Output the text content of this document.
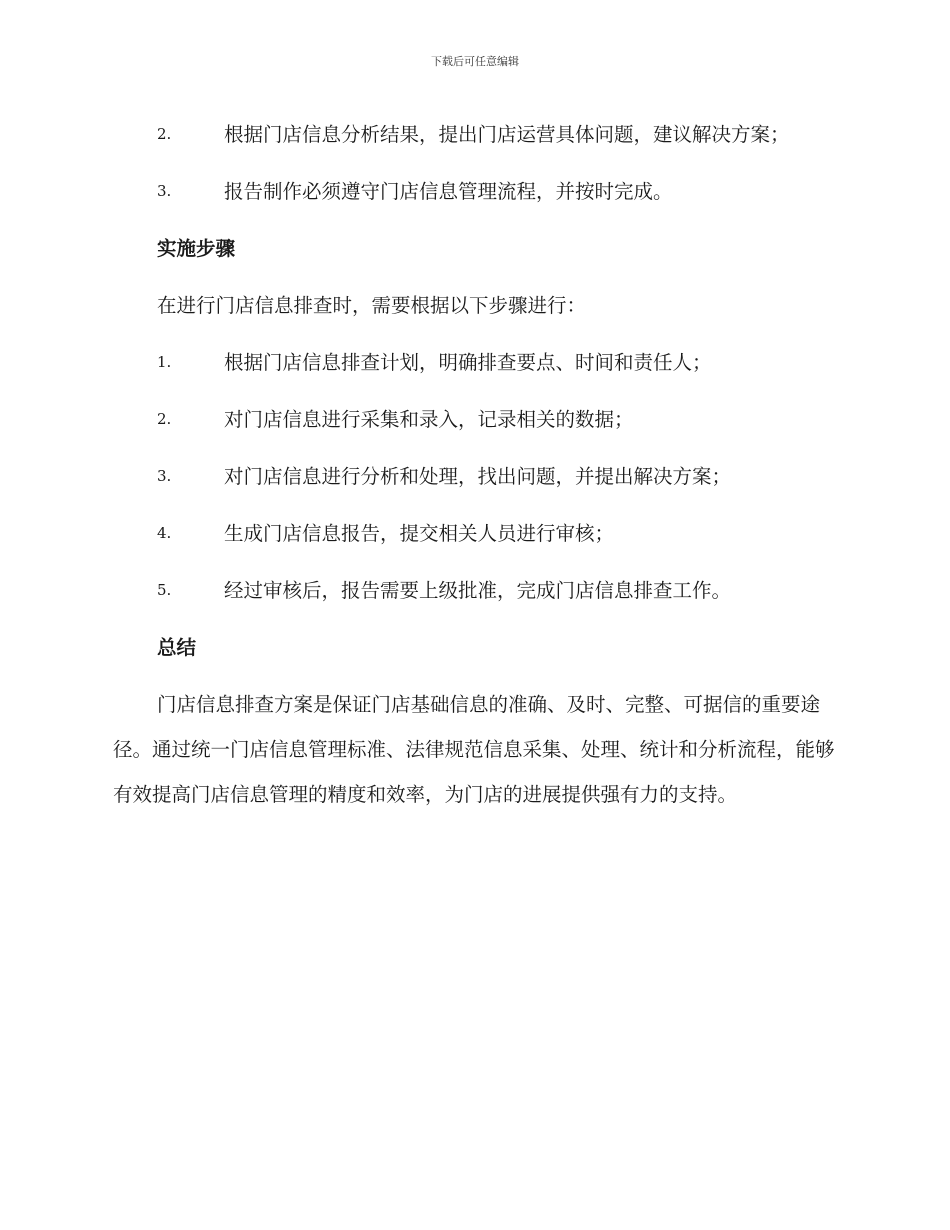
下载后可任意编辑
2.	根据门店信息分析结果，提出门店运营具体问题，建议解决方案；
3.	报告制作必须遵守门店信息管理流程，并按时完成。
实施步骤
在进行门店信息排查时，需要根据以下步骤进行：
1.	根据门店信息排查计划，明确排查要点、时间和责任人；
2.	对门店信息进行采集和录入，记录相关的数据；
3.	对门店信息进行分析和处理，找出问题，并提出解决方案；
4.	生成门店信息报告，提交相关人员进行审核；
5.	经过审核后，报告需要上级批准，完成门店信息排查工作。
总结
门店信息排查方案是保证门店基础信息的准确、及时、完整、可据信的重要途径。通过统一门店信息管理标准、法律规范信息采集、处理、统计和分析流程，能够有效提高门店信息管理的精度和效率，为门店的进展提供强有力的支持。
